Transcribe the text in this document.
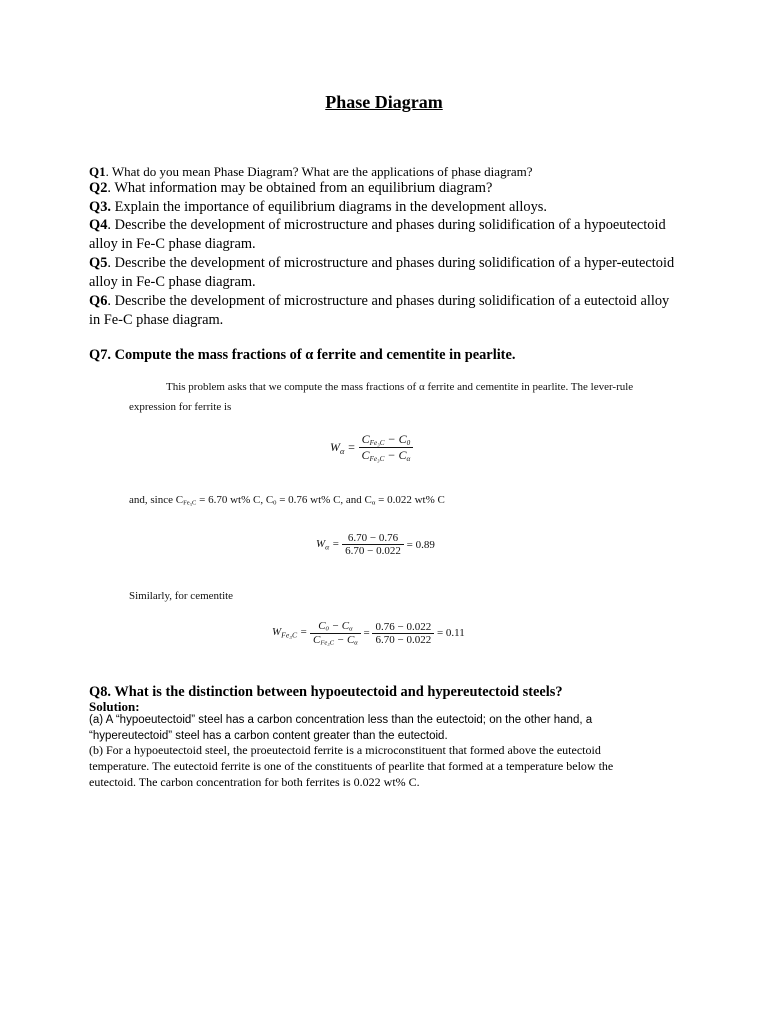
Phase Diagram
Q1. What do you mean Phase Diagram? What are the applications of phase diagram?
Q2. What information may be obtained from an equilibrium diagram?
Q3. Explain the importance of equilibrium diagrams in the development alloys.
Q4. Describe the development of microstructure and phases during solidification of a hypoeutectoid alloy in Fe-C phase diagram.
Q5. Describe the development of microstructure and phases during solidification of a hyper-eutectoid alloy in Fe-C phase diagram.
Q6. Describe the development of microstructure and phases during solidification of a eutectoid alloy in Fe-C phase diagram.
Q7. Compute the mass fractions of α ferrite and cementite in pearlite.
This problem asks that we compute the mass fractions of α ferrite and cementite in pearlite. The lever-rule
expression for ferrite is
$W_\alpha = \frac{\text{CFe₃C − C0}}{\text{CFe₃C − Cα}}$
and, since CFe₃C = 6.70 wt% C, C0 = 0.76 wt% C, and Cα = 0.022 wt% C
$W_\alpha = \frac{6.70 - 0.76}{6.70 - 0.022} = 0.89$
Similarly, for cementite
$W_{Fe_3C} = \frac{C0 - C\alpha}{\text{CFe₃C − Cα}} = \frac{0.76 - 0.022}{6.70 - 0.022} = 0.11$
Q8. What is the distinction between hypoeutectoid and hypereutectoid steels?
Solution:
(a) A “hypoeutectoid” steel has a carbon concentration less than the eutectoid; on the other hand, a
“hypereutectoid” steel has a carbon content greater than the eutectoid.
(b) For a hypoeutectoid steel, the proeutectoid ferrite is a microconstituent that formed above the eutectoid
temperature. The eutectoid ferrite is one of the constituents of pearlite that formed at a temperature below the
eutectoid. The carbon concentration for both ferrites is 0.022 wt% C.
